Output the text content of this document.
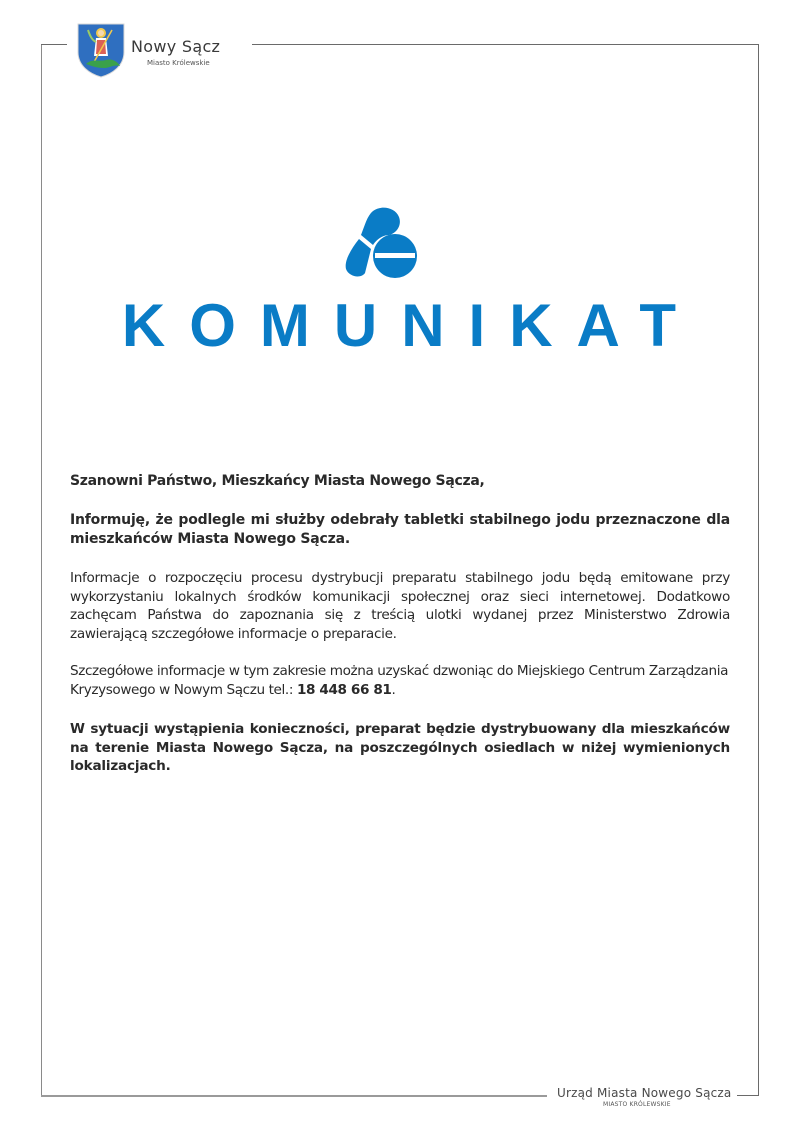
Nowy Sącz
Miasto Królewskie
KOMUNIKAT
Szanowni Państwo, Mieszkańcy Miasta Nowego Sącza,
Informuję, że podlegle mi służby odebrały tabletki stabilnego jodu przeznaczone dla mieszkańców Miasta Nowego Sącza.
Informacje o rozpoczęciu procesu dystrybucji preparatu stabilnego jodu będą emitowane przy wykorzystaniu lokalnych środków komunikacji społecznej oraz sieci internetowej. Dodatkowo zachęcam Państwa do zapoznania się z treścią ulotki wydanej przez Ministerstwo Zdrowia zawierającą szczegółowe informacje o preparacie.
Szczegółowe informacje w tym zakresie można uzyskać dzwoniąc do Miejskiego Centrum Zarządzania Kryzysowego w Nowym Sączu tel.: 18 448 66 81.
W sytuacji wystąpienia konieczności, preparat będzie dystrybuowany dla mieszkańców na terenie Miasta Nowego Sącza, na poszczególnych osiedlach w niżej wymienionych lokalizacjach.
Urząd Miasta Nowego Sącza
MIASTO KRÓLEWSKIE
